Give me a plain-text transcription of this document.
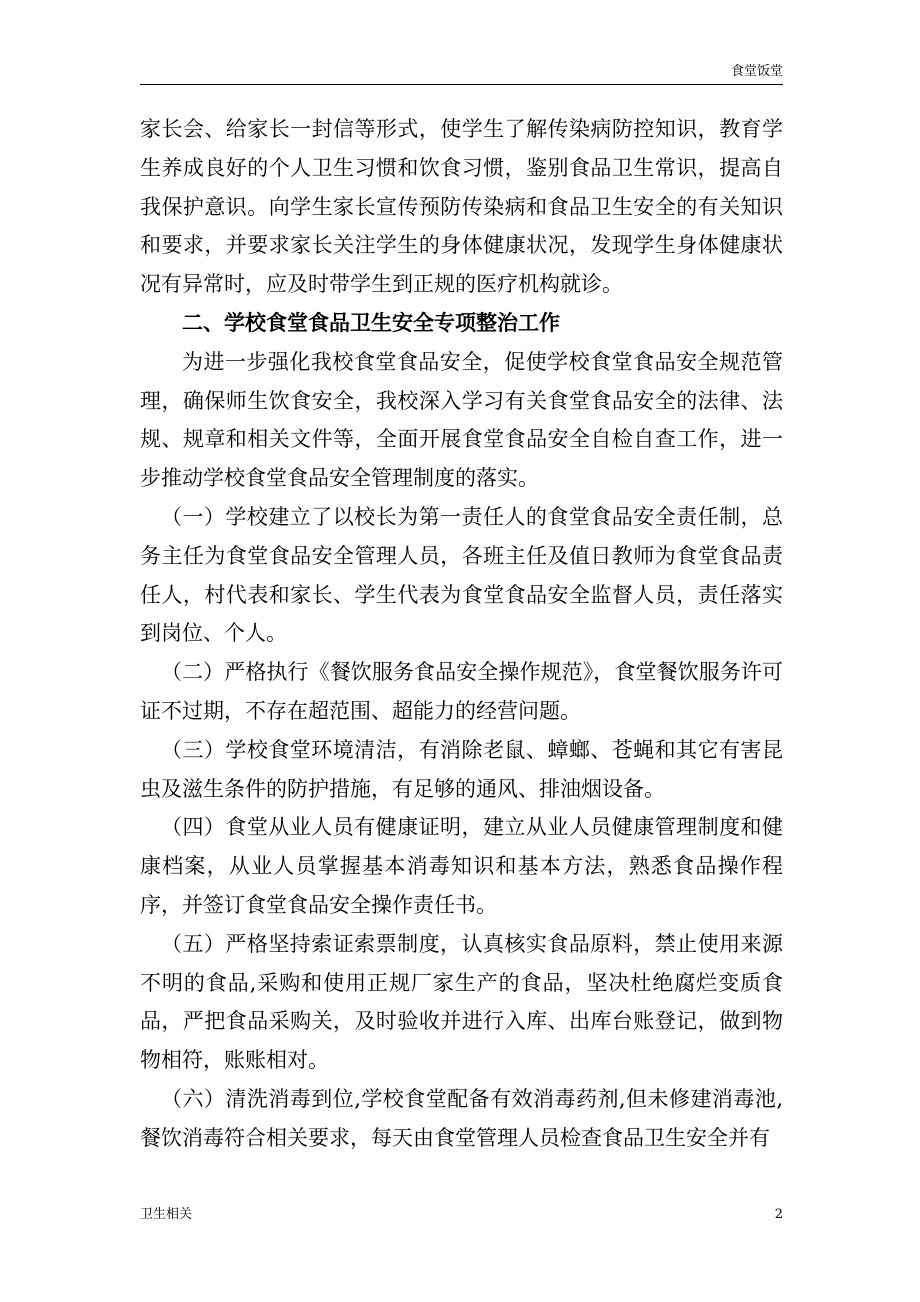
食堂饭堂

家长会、给家长一封信等形式，使学生了解传染病防控知识，教育学生养成良好的个人卫生习惯和饮食习惯，鉴别食品卫生常识，提高自我保护意识。向学生家长宣传预防传染病和食品卫生安全的有关知识和要求，并要求家长关注学生的身体健康状况，发现学生身体健康状况有异常时，应及时带学生到正规的医疗机构就诊。

二、学校食堂食品卫生安全专项整治工作

为进一步强化我校食堂食品安全，促使学校食堂食品安全规范管理，确保师生饮食安全，我校深入学习有关食堂食品安全的法律、法规、规章和相关文件等，全面开展食堂食品安全自检自查工作，进一步推动学校食堂食品安全管理制度的落实。

（一）学校建立了以校长为第一责任人的食堂食品安全责任制，总务主任为食堂食品安全管理人员，各班主任及值日教师为食堂食品责任人，村代表和家长、学生代表为食堂食品安全监督人员，责任落实到岗位、个人。

（二）严格执行《餐饮服务食品安全操作规范》，食堂餐饮服务许可证不过期，不存在超范围、超能力的经营问题。

（三）学校食堂环境清洁，有消除老鼠、蟑螂、苍蝇和其它有害昆虫及滋生条件的防护措施，有足够的通风、排油烟设备。

（四）食堂从业人员有健康证明，建立从业人员健康管理制度和健康档案，从业人员掌握基本消毒知识和基本方法，熟悉食品操作程序，并签订食堂食品安全操作责任书。

（五）严格坚持索证索票制度，认真核实食品原料，禁止使用来源不明的食品,采购和使用正规厂家生产的食品，坚决杜绝腐烂变质食品，严把食品采购关，及时验收并进行入库、出库台账登记，做到物物相符，账账相对。

（六）清洗消毒到位,学校食堂配备有效消毒药剂,但未修建消毒池,餐饮消毒符合相关要求，每天由食堂管理人员检查食品卫生安全并有

卫生相关	2
